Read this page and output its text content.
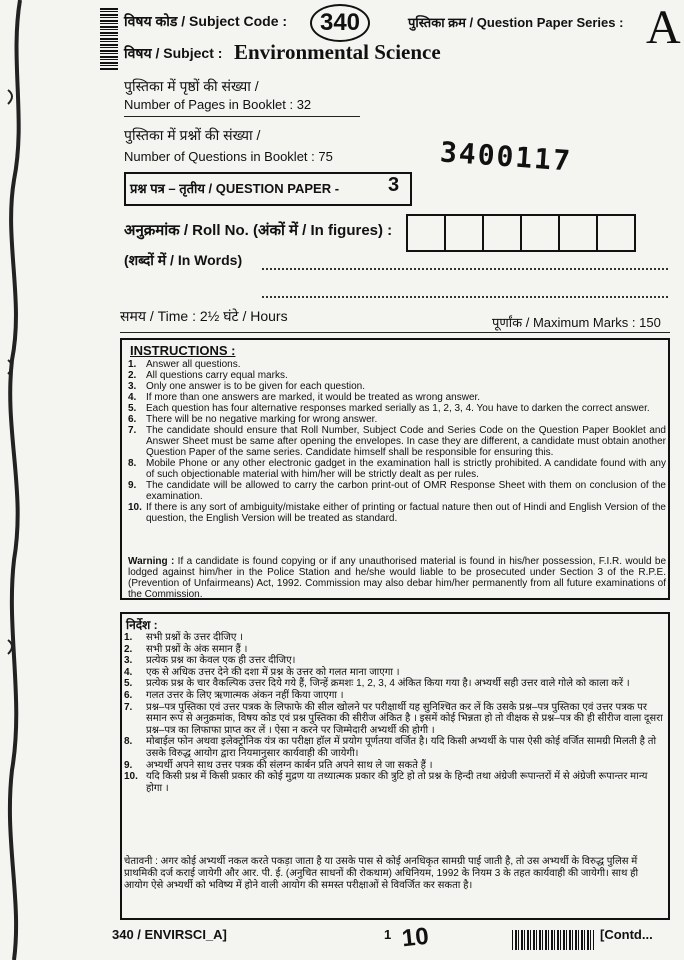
विषय कोड / Subject Code :	340	पुस्तिका क्रम / Question Paper Series : A
विषय / Subject : Environmental Science
पुस्तिका में पृष्ठों की संख्या /
Number of Pages in Booklet : 32
पुस्तिका में प्रश्नों की संख्या /
Number of Questions in Booklet : 75	3400117
प्रश्न पत्र – तृतीय / QUESTION PAPER - 3
अनुक्रमांक / Roll No. (अंकों में / In figures) :
(शब्दों में / In Words)
समय / Time : 2½ घंटे / Hours	पूर्णांक / Maximum Marks : 150
INSTRUCTIONS :
1. Answer all questions.
2. All questions carry equal marks.
3. Only one answer is to be given for each question.
4. If more than one answers are marked, it would be treated as wrong answer.
5. Each question has four alternative responses marked serially as 1, 2, 3, 4. You have to darken the correct answer.
6. There will be no negative marking for wrong answer.
7. The candidate should ensure that Roll Number, Subject Code and Series Code on the Question Paper Booklet and Answer Sheet must be same after opening the envelopes. In case they are different, a candidate must obtain another Question Paper of the same series. Candidate himself shall be responsible for ensuring this.
8. Mobile Phone or any other electronic gadget in the examination hall is strictly prohibited. A candidate found with any of such objectionable material with him/her will be strictly dealt as per rules.
9. The candidate will be allowed to carry the carbon print-out of OMR Response Sheet with them on conclusion of the examination.
10. If there is any sort of ambiguity/mistake either of printing or factual nature then out of Hindi and English Version of the question, the English Version will be treated as standard.
Warning : If a candidate is found copying or if any unauthorised material is found in his/her possession, F.I.R. would be lodged against him/her in the Police Station and he/she would liable to be prosecuted under Section 3 of the R.P.E. (Prevention of Unfairmeans) Act, 1992. Commission may also debar him/her permanently from all future examinations of the Commission.
निर्देश :
1.	सभी प्रश्नों के उत्तर दीजिए ।
2.	सभी प्रश्नों के अंक समान हैं ।
3.	प्रत्येक प्रश्न का केवल एक ही उत्तर दीजिए।
4.	एक से अधिक उत्तर देने की दशा में प्रश्न के उत्तर को गलत माना जाएगा ।
5.	प्रत्येक प्रश्न के चार वैकल्पिक उत्तर दिये गये हैं, जिन्हें क्रमशः 1, 2, 3, 4 अंकित किया गया है। अभ्यर्थी सही उत्तर वाले गोले को काला करें ।
6.	गलत उत्तर के लिए ऋणात्मक अंकन नहीं किया जाएगा ।
7.	प्रश्न–पत्र पुस्तिका एवं उत्तर पत्रक के लिफाफे की सील खोलने पर परीक्षार्थी यह सुनिश्चित कर लें कि उसके प्रश्न–पत्र पुस्तिका एवं उत्तर पत्रक पर समान रूप से अनुक्रमांक, विषय कोड एवं प्रश्न पुस्तिका की सीरीज अंकित है । इसमें कोई भिन्नता हो तो वीक्षक से प्रश्न–पत्र की ही सीरीज वाला दूसरा प्रश्न–पत्र का लिफाफा प्राप्त कर लें । ऐसा न करने पर जिम्मेदारी अभ्यर्थी की होगी ।
8.	मोबाईल फोन अथवा इलेक्ट्रोनिक यंत्र का परीक्षा हॉल में प्रयोग पूर्णतया वर्जित है। यदि किसी अभ्यर्थी के पास ऐसी कोई वर्जित सामग्री मिलती है तो उसके विरुद्ध आयोग द्वारा नियमानुसार कार्यवाही की जायेगी।
9.	अभ्यर्थी अपने साथ उत्तर पत्रक की संलग्न कार्बन प्रति अपने साथ ले जा सकते हैं ।
10. यदि किसी प्रश्न में किसी प्रकार की कोई मुद्रण या तथ्यात्मक प्रकार की त्रुटि हो तो प्रश्न के हिन्दी तथा अंग्रेजी रूपान्तरों में से अंग्रेजी रूपान्तर मान्य होगा ।
चेतावनी : अगर कोई अभ्यर्थी नकल करते पकड़ा जाता है या उसके पास से कोई अनधिकृत सामग्री पाई जाती है, तो उस अभ्यर्थी के विरुद्ध पुलिस में प्राथमिकी दर्ज कराई जायेगी और आर. पी. ई. (अनुचित साधनों की रोकथाम) अधिनियम, 1992 के नियम 3 के तहत कार्यवाही की जायेगी। साथ ही आयोग ऐसे अभ्यर्थी को भविष्य में होने वाली आयोग की समस्त परीक्षाओं से विवर्जित कर सकता है।
340 / ENVIRSCI_A]	1 10	[Contd...
